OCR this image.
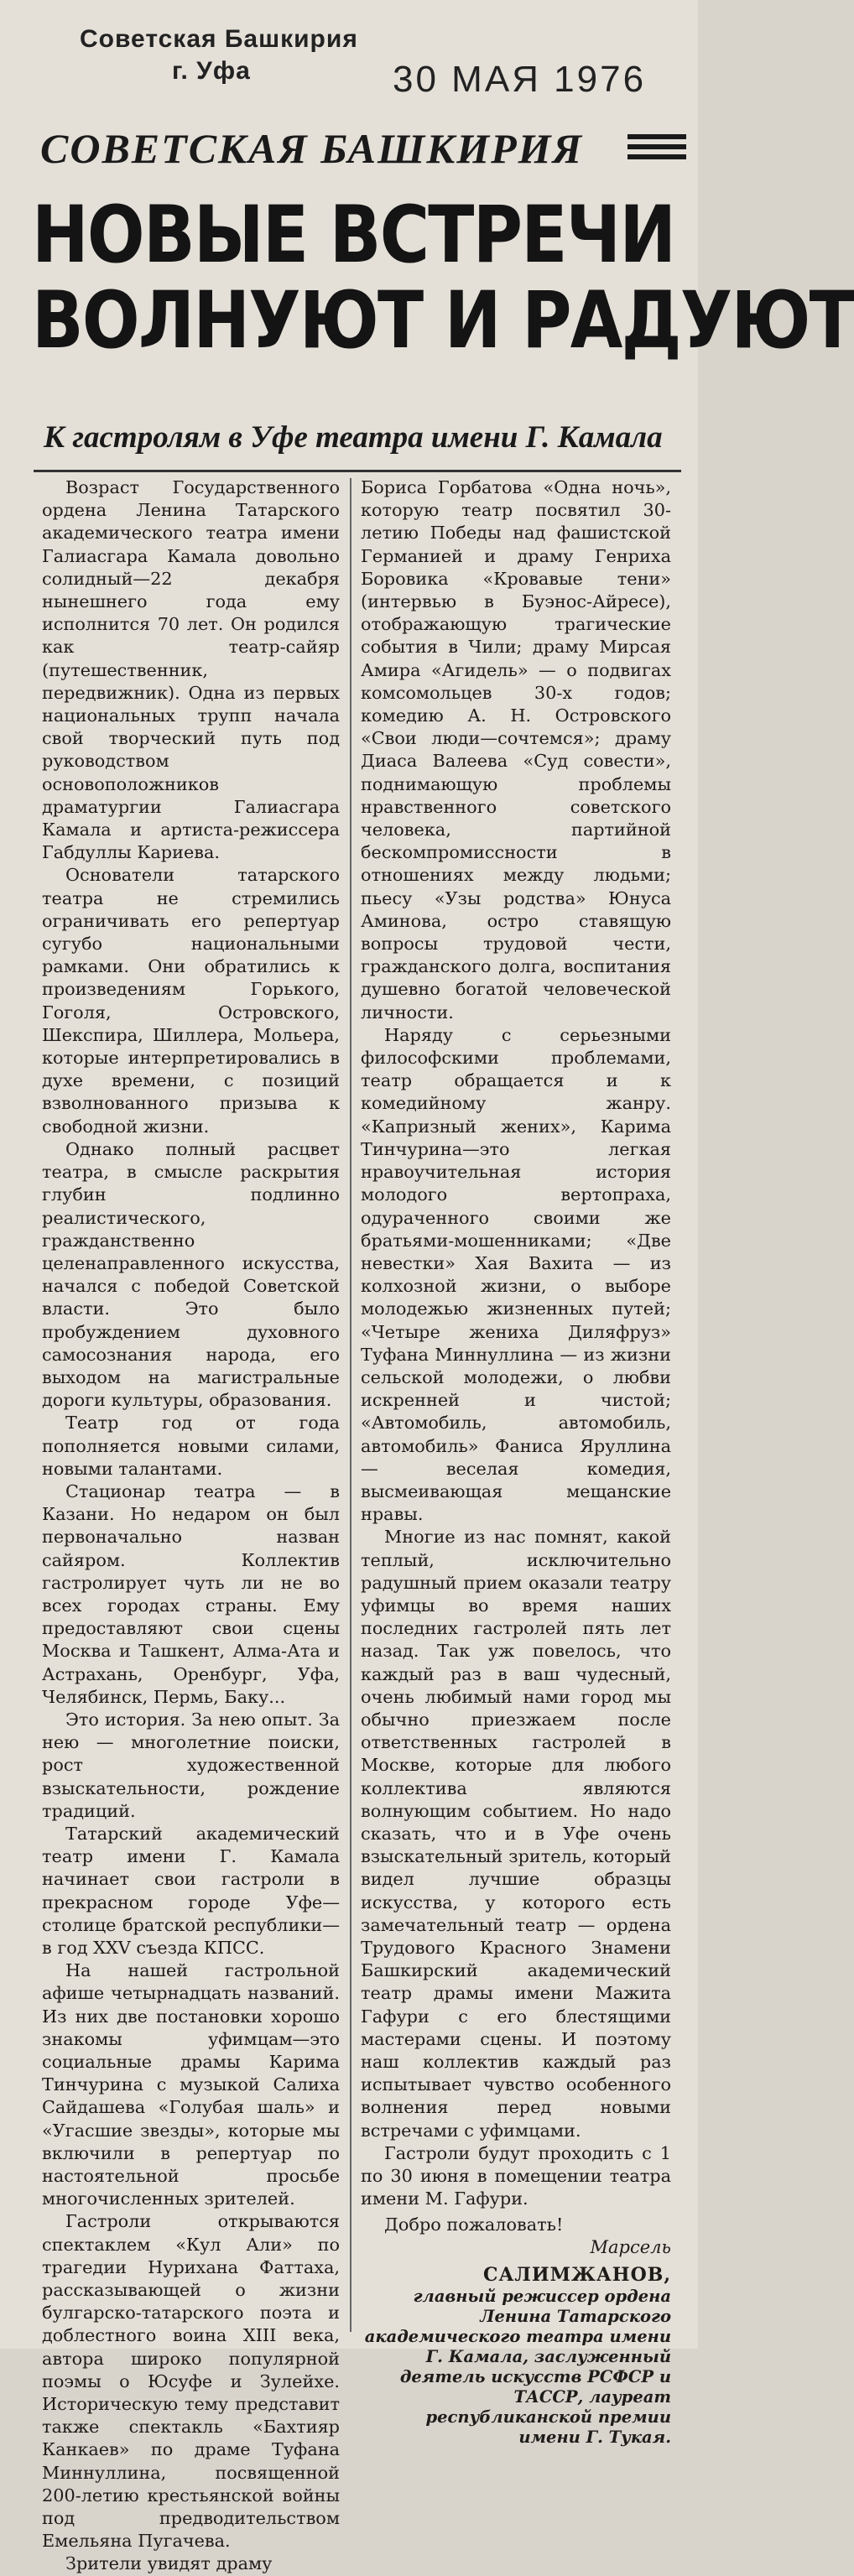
Советская Башкирия
г. Уфа	30 МАЯ 1976
СОВЕТСКАЯ БАШКИРИЯ
НОВЫЕ ВСТРЕЧИ
ВОЛНУЮТ И РАДУЮТ
К гастролям в Уфе театра имени Г. Камала

Возраст Государственного ордена Ленина Татарского академического театра имени Галиасгара Камала довольно солидный—22 декабря нынешнего года ему исполнится 70 лет. Он родился как театр-сайяр (путешественник, передвижник). Одна из первых национальных трупп начала свой творческий путь под руководством основоположников драматургии Галиасгара Камала и артиста-режиссера Габдуллы Кариева.

Основатели татарского театра не стремились ограничивать его репертуар сугубо национальными рамками. Они обратились к произведениям Горького, Гоголя, Островского, Шекспира, Шиллера, Мольера, которые интерпретировались в духе времени, с позиций взволнованного призыва к свободной жизни.

Однако полный расцвет театра, в смысле раскрытия глубин подлинно реалистического, гражданственно целенаправленного искусства, начался с победой Советской власти. Это было пробуждением духовного самосознания народа, его выходом на магистральные дороги культуры, образования.

Театр год от года пополняется новыми силами, новыми талантами.

Стационар театра — в Казани. Но недаром он был первоначально назван сайяром. Коллектив гастролирует чуть ли не во всех городах страны. Ему предоставляют свои сцены Москва и Ташкент, Алма-Ата и Астрахань, Оренбург, Уфа, Челябинск, Пермь, Баку...

Это история. За нею опыт. За нею — многолетние поиски, рост художественной взыскательности, рождение традиций.

Татарский академический театр имени Г. Камала начинает свои гастроли в прекрасном городе Уфе—столице братской республики—в год XXV съезда КПСС.

На нашей гастрольной афише четырнадцать названий. Из них две постановки хорошо знакомы уфимцам—это социальные драмы Карима Тинчурина с музыкой Салиха Сайдашева «Голубая шаль» и «Угасшие звезды», которые мы включили в репертуар по настоятельной просьбе многочисленных зрителей.

Гастроли открываются спектаклем «Кул Али» по трагедии Нурихана Фаттаха, рассказывающей о жизни булгарско-татарского поэта и доблестного воина XIII века, автора широко популярной поэмы о Юсуфе и Зулейхе. Историческую тему представит также спектакль «Бахтияр Канкаев» по драме Туфана Миннуллина, посвященной 200-летию крестьянской войны под предводительством Емельяна Пугачева.

Зрители увидят драму

Бориса Горбатова «Одна ночь», которую театр посвятил 30-летию Победы над фашистской Германией и драму Генриха Боровика «Кровавые тени» (интервью в Буэнос-Айресе), отображающую трагические события в Чили; драму Мирсая Амира «Агидель» — о подвигах комсомольцев 30-х годов; комедию А. Н. Островского «Свои люди—сочтемся»; драму Диаса Валеева «Суд совести», поднимающую проблемы нравственного советского человека, партийной бескомпромиссности в отношениях между людьми; пьесу «Узы родства» Юнуса Аминова, остро ставящую вопросы трудовой чести, гражданского долга, воспитания душевно богатой человеческой личности.

Наряду с серьезными философскими проблемами, театр обращается и к комедийному жанру. «Капризный жених», Карима Тинчурина—это легкая нравоучительная история молодого вертопраха, одураченного своими же братьями-мошенниками; «Две невестки» Хая Вахита — из колхозной жизни, о выборе молодежью жизненных путей; «Четыре жениха Диляфруз» Туфана Миннуллина — из жизни сельской молодежи, о любви искренней и чистой; «Автомобиль, автомобиль, автомобиль» Фаниса Яруллина — веселая комедия, высмеивающая мещанские нравы.

Многие из нас помнят, какой теплый, исключительно радушный прием оказали театру уфимцы во время наших последних гастролей пять лет назад. Так уж повелось, что каждый раз в ваш чудесный, очень любимый нами город мы обычно приезжаем после ответственных гастролей в Москве, которые для любого коллектива являются волнующим событием. Но надо сказать, что и в Уфе очень взыскательный зритель, который видел лучшие образцы искусства, у которого есть замечательный театр — ордена Трудового Красного Знамени Башкирский академический театр драмы имени Мажита Гафури с его блестящими мастерами сцены. И поэтому наш коллектив каждый раз испытывает чувство особенного волнения перед новыми встречами с уфимцами.

Гастроли будут проходить с 1 по 30 июня в помещении театра имени М. Гафури.

Добро пожаловать!
Марсель
САЛИМЖАНОВ,
главный режиссер ордена Ленина Татарского академического театра имени Г. Камала, заслуженный деятель искусств РСФСР и ТАССР, лауреат республиканской премии имени Г. Тукая.
